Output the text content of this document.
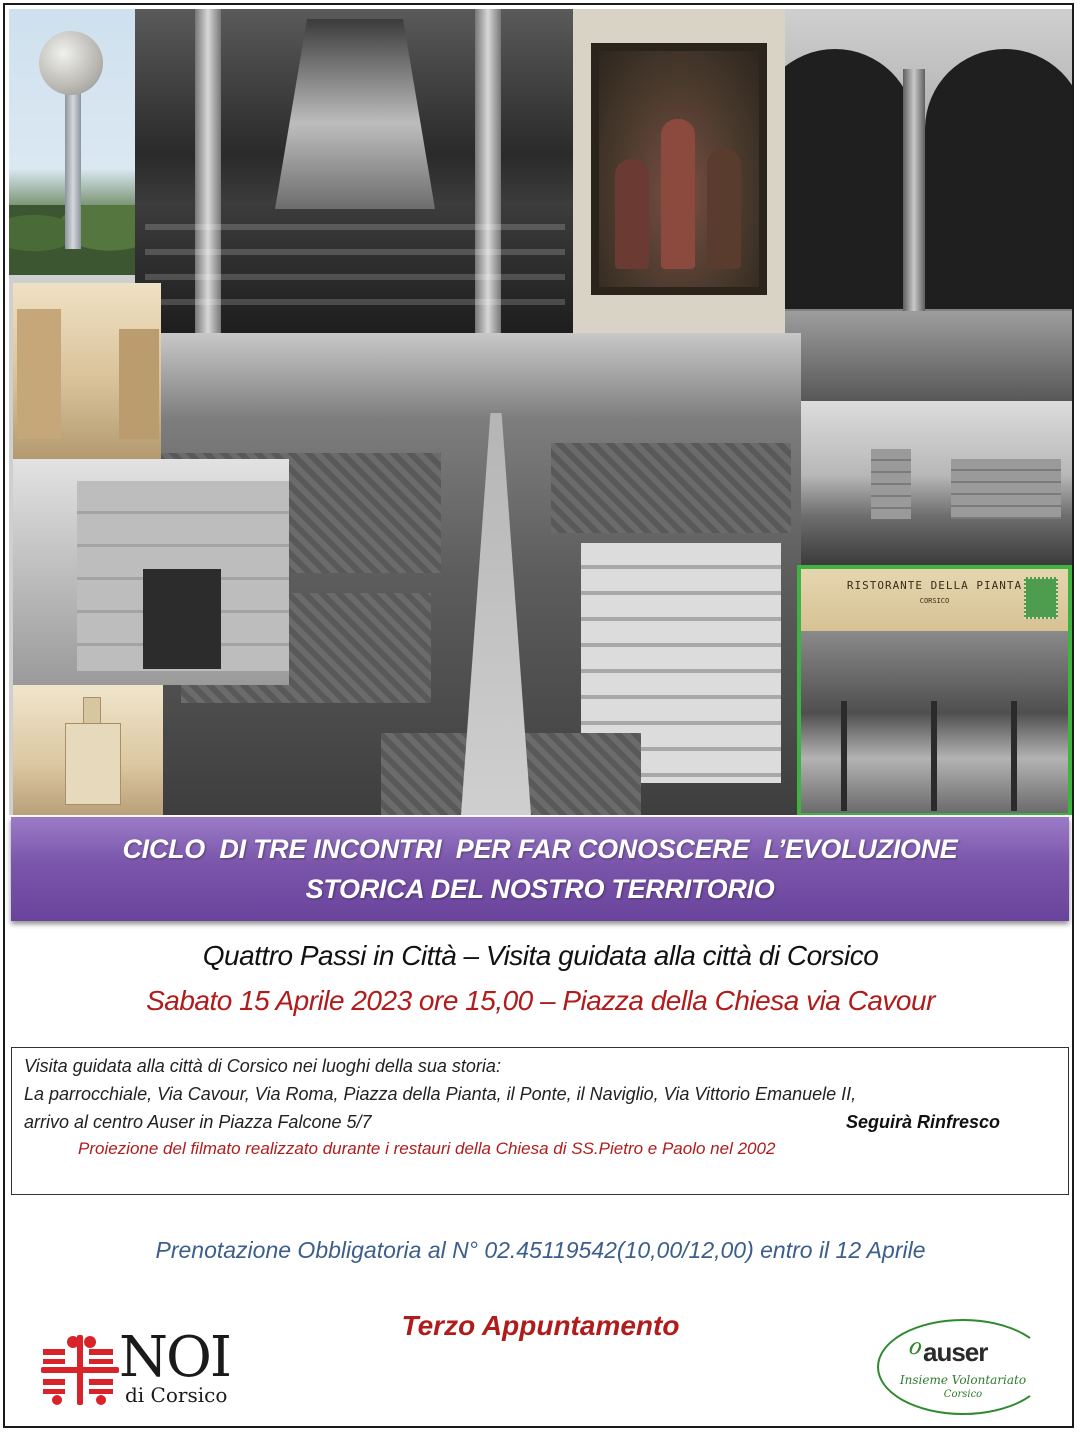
RISTORANTE DELLA PIANTA
CORSICO
CICLO  DI TRE INCONTRI  PER FAR CONOSCERE  L’EVOLUZIONE
STORICA DEL NOSTRO TERRITORIO
Quattro Passi in Città – Visita guidata alla città di Corsico
Sabato 15 Aprile 2023 ore 15,00 – Piazza della Chiesa via Cavour
Visita guidata alla città di Corsico nei luoghi della sua storia:
La parrocchiale, Via Cavour, Via Roma, Piazza della Pianta, il Ponte, il Naviglio, Via Vittorio Emanuele II,
arrivo al centro Auser in Piazza Falcone 5/7	Seguirà Rinfresco
Proiezione del filmato realizzato durante i restauri della Chiesa di SS.Pietro e Paolo nel 2002
Prenotazione Obbligatoria al N° 02.45119542(10,00/12,00) entro il 12 Aprile
Terzo Appuntamento
NOI
di Corsico
ℴ auser
Insieme Volontariato
Corsico
